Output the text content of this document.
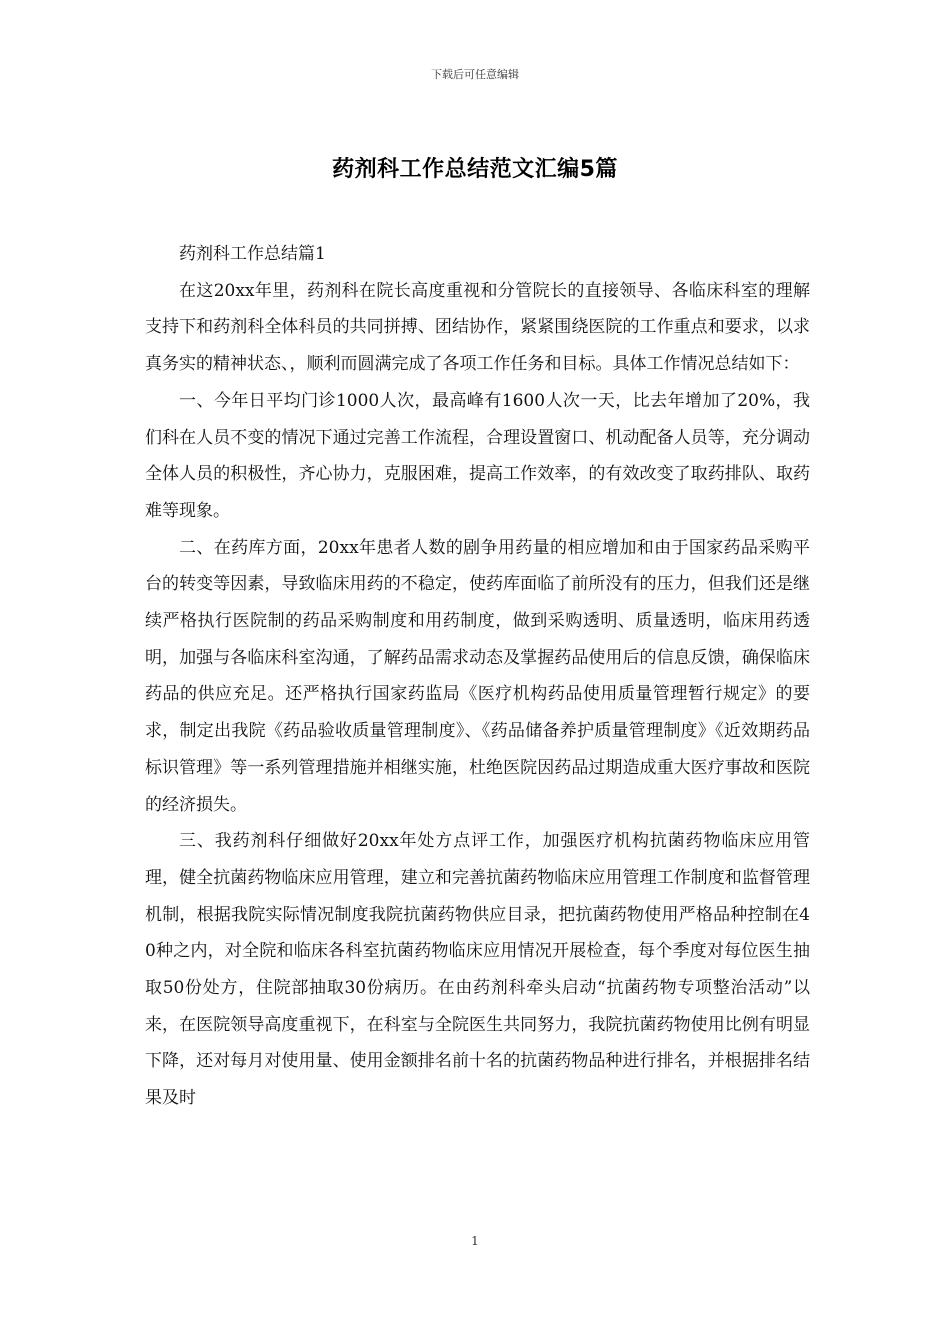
下载后可任意编辑
药剂科工作总结范文汇编5篇

药剂科工作总结篇1

在这20xx年里，药剂科在院长高度重视和分管院长的直接领导、各临床科室的理解支持下和药剂科全体科员的共同拼搏、团结协作，紧紧围绕医院的工作重点和要求，以求真务实的精神状态、，顺利而圆满完成了各项工作任务和目标。具体工作情况总结如下：

一、今年日平均门诊1000人次，最高峰有1600人次一天，比去年增加了20%，我们科在人员不变的情况下通过完善工作流程，合理设置窗口、机动配备人员等，充分调动全体人员的积极性，齐心协力，克服困难，提高工作效率，的有效改变了取药排队、取药难等现象。

二、在药库方面，20xx年患者人数的剧争用药量的相应增加和由于国家药品采购平台的转变等因素，导致临床用药的不稳定，使药库面临了前所没有的压力，但我们还是继续严格执行医院制的药品采购制度和用药制度，做到采购透明、质量透明，临床用药透明，加强与各临床科室沟通，了解药品需求动态及掌握药品使用后的信息反馈，确保临床药品的供应充足。还严格执行国家药监局《医疗机构药品使用质量管理暂行规定》的要求，制定出我院《药品验收质量管理制度》、《药品储备养护质量管理制度》《近效期药品标识管理》等一系列管理措施并相继实施，杜绝医院因药品过期造成重大医疗事故和医院的经济损失。

三、我药剂科仔细做好20xx年处方点评工作，加强医疗机构抗菌药物临床应用管理，健全抗菌药物临床应用管理，建立和完善抗菌药物临床应用管理工作制度和监督管理机制，根据我院实际情况制度我院抗菌药物供应目录，把抗菌药物使用严格品种控制在40种之内，对全院和临床各科室抗菌药物临床应用情况开展检查，每个季度对每位医生抽取50份处方，住院部抽取30份病历。在由药剂科牵头启动“抗菌药物专项整治活动”以来，在医院领导高度重视下，在科室与全院医生共同努力，我院抗菌药物使用比例有明显下降，还对每月对使用量、使用金额排名前十名的抗菌药物品种进行排名，并根据排名结果及时

1
